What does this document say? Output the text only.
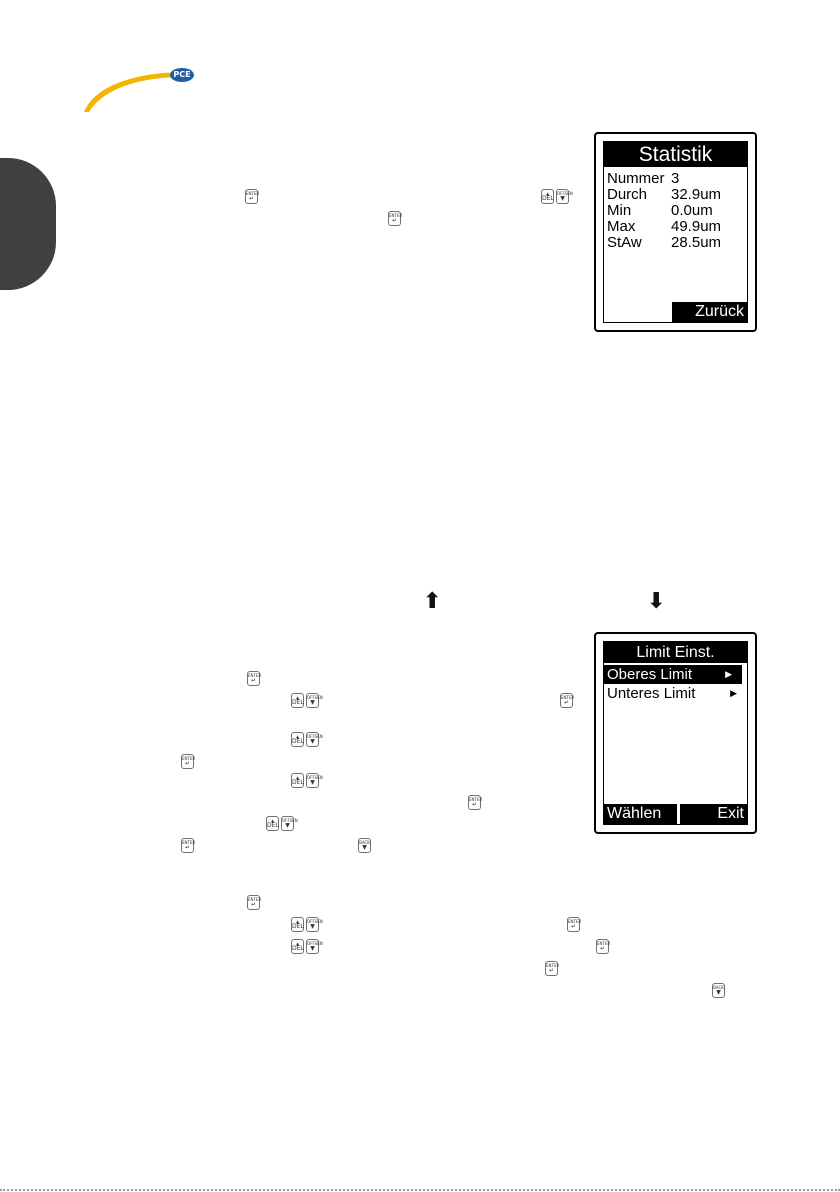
PCE
ENTER
↵
▲
DEL
OFFSEN
▼
ENTER
↵
Statistik
Nummer 3
Durch	32.9um
Min	0.0um
Max	49.9um
StAw	28.5um
Zurück
⬆	⬇
Limit Einst.
Oberes Limit	▶
Unteres Limit	▶
Wählen	Exit
ENTER
↵
▲
DEL
OFFSEN
▼
ENTER
↵
▲
DEL
OFFSEN
▼
ENTER
↵
▲
DEL
OFFSEN
▼
ENTER
↵
▲
DEL
OFFSEN
▼
ENTER
↵
BACK
▼
ENTER
↵
▲
DEL
OFFSEN
▼
ENTER
↵
▲
DEL
OFFSEN
▼
ENTER
↵
ENTER
↵
BACK
▼
